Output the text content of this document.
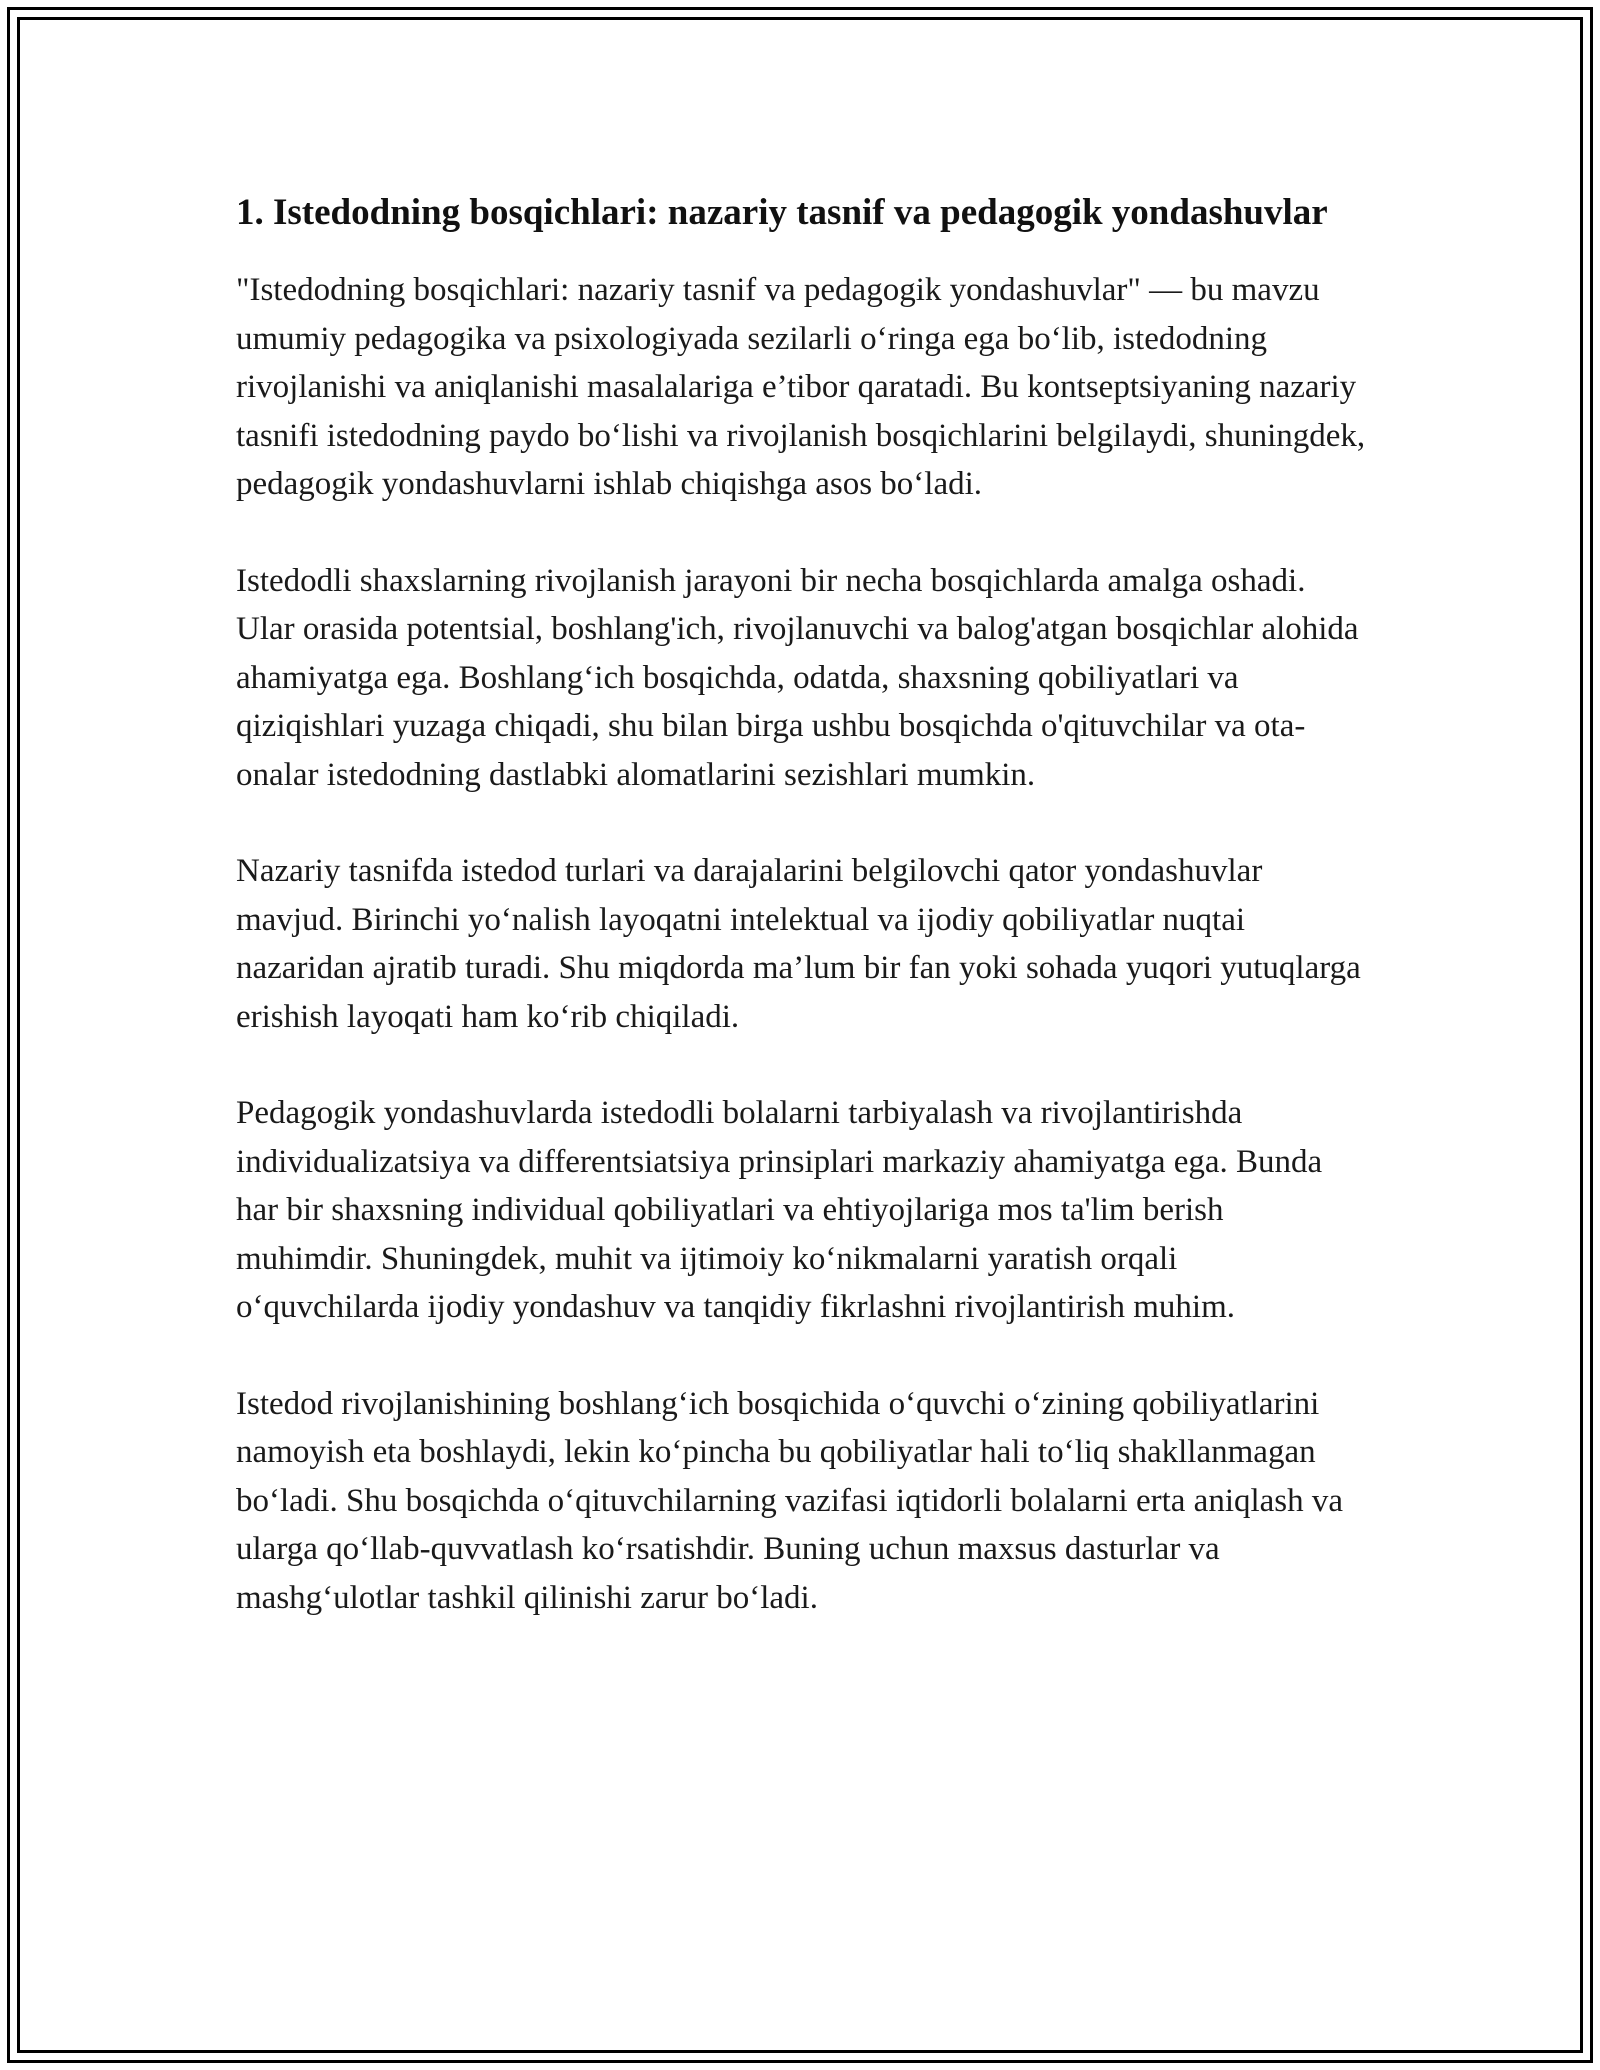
1. Istedodning bosqichlari: nazariy tasnif va pedagogik yondashuvlar

"Istedodning bosqichlari: nazariy tasnif va pedagogik yondashuvlar" — bu mavzu umumiy pedagogika va psixologiyada sezilarli o‘ringa ega bo‘lib, istedodning rivojlanishi va aniqlanishi masalalariga e’tibor qaratadi. Bu kontseptsiyaning nazariy tasnifi istedodning paydo bo‘lishi va rivojlanish bosqichlarini belgilaydi, shuningdek, pedagogik yondashuvlarni ishlab chiqishga asos bo‘ladi.

Istedodli shaxslarning rivojlanish jarayoni bir necha bosqichlarda amalga oshadi. Ular orasida potentsial, boshlang'ich, rivojlanuvchi va balog'atgan bosqichlar alohida ahamiyatga ega. Boshlang‘ich bosqichda, odatda, shaxsning qobiliyatlari va qiziqishlari yuzaga chiqadi, shu bilan birga ushbu bosqichda o'qituvchilar va ota-onalar istedodning dastlabki alomatlarini sezishlari mumkin.

Nazariy tasnifda istedod turlari va darajalarini belgilovchi qator yondashuvlar mavjud. Birinchi yo‘nalish layoqatni intelektual va ijodiy qobiliyatlar nuqtai nazaridan ajratib turadi. Shu miqdorda ma’lum bir fan yoki sohada yuqori yutuqlarga erishish layoqati ham ko‘rib chiqiladi.

Pedagogik yondashuvlarda istedodli bolalarni tarbiyalash va rivojlantirishda individualizatsiya va differentsiatsiya prinsiplari markaziy ahamiyatga ega. Bunda har bir shaxsning individual qobiliyatlari va ehtiyojlariga mos ta'lim berish muhimdir. Shuningdek, muhit va ijtimoiy ko‘nikmalarni yaratish orqali o‘quvchilarda ijodiy yondashuv va tanqidiy fikrlashni rivojlantirish muhim.

Istedod rivojlanishining boshlang‘ich bosqichida o‘quvchi o‘zining qobiliyatlarini namoyish eta boshlaydi, lekin ko‘pincha bu qobiliyatlar hali to‘liq shakllanmagan bo‘ladi. Shu bosqichda o‘qituvchilarning vazifasi iqtidorli bolalarni erta aniqlash va ularga qo‘llab-quvvatlash ko‘rsatishdir. Buning uchun maxsus dasturlar va mashg‘ulotlar tashkil qilinishi zarur bo‘ladi.
